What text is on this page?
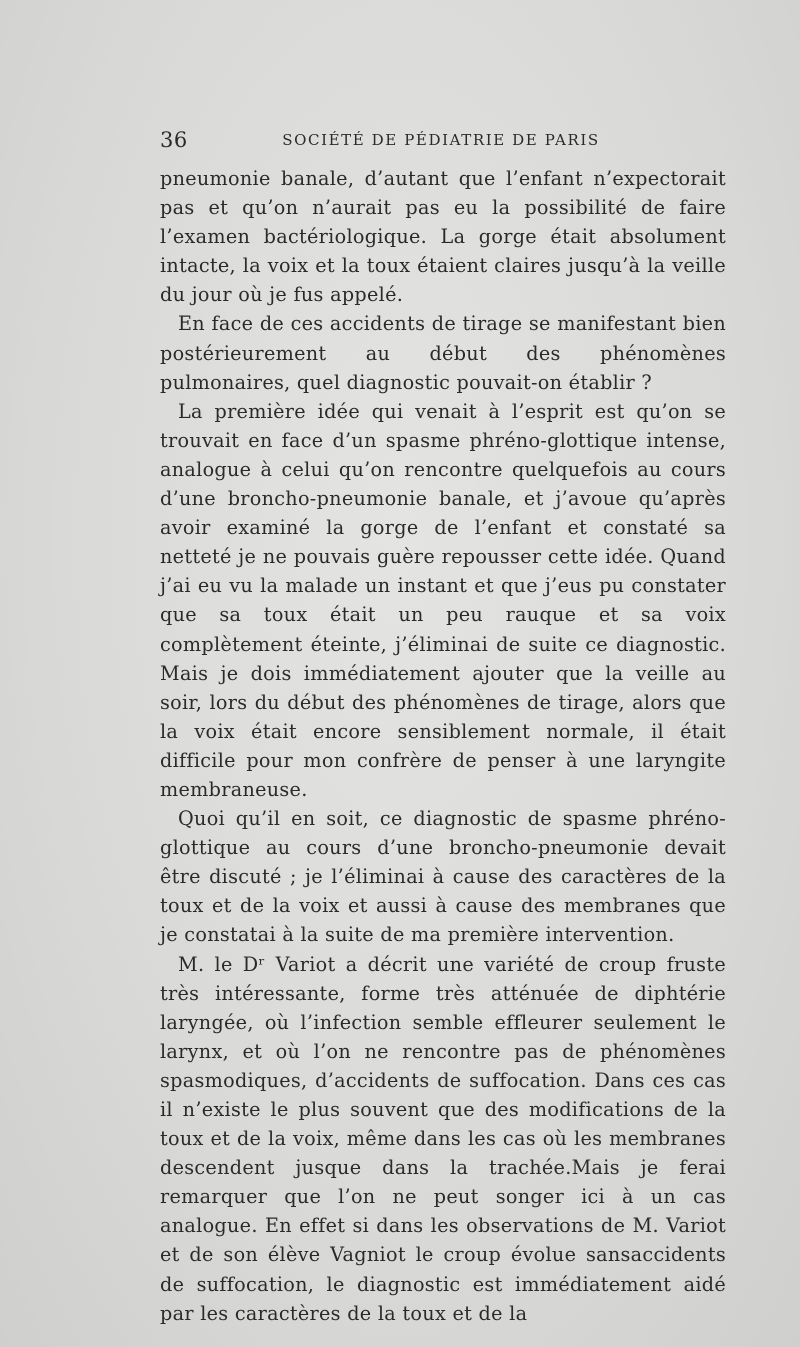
36	SOCIÉTÉ DE PÉDIATRIE DE PARIS

pneumonie banale, d’autant que l’enfant n’expectorait pas et qu’on n’aurait pas eu la possibilité de faire l’examen bactériologique. La gorge était absolument intacte, la voix et la toux étaient claires jusqu’à la veille du jour où je fus appelé.

En face de ces accidents de tirage se manifestant bien postérieurement au début des phénomènes pulmonaires, quel diagnostic pouvait-on établir ?

La première idée qui venait à l’esprit est qu’on se trouvait en face d’un spasme phréno-glottique intense, analogue à celui qu’on rencontre quelquefois au cours d’une broncho-pneumonie banale, et j’avoue qu’après avoir examiné la gorge de l’enfant et constaté sa netteté je ne pouvais guère repousser cette idée. Quand j’ai eu vu la malade un instant et que j’eus pu constater que sa toux était un peu rauque et sa voix complètement éteinte, j’éliminai de suite ce diagnostic. Mais je dois immédiatement ajouter que la veille au soir, lors du début des phénomènes de tirage, alors que la voix était encore sensiblement normale, il était difficile pour mon confrère de penser à une laryngite membraneuse.

Quoi qu’il en soit, ce diagnostic de spasme phréno-glottique au cours d’une broncho-pneumonie devait être discuté ; je l’éliminai à cause des caractères de la toux et de la voix et aussi à cause des membranes que je constatai à la suite de ma première intervention.

M. le Dʳ Variot a décrit une variété de croup fruste très intéressante, forme très atténuée de diphtérie laryngée, où l’infection semble effleurer seulement le larynx, et où l’on ne rencontre pas de phénomènes spasmodiques, d’accidents de suffocation. Dans ces cas il n’existe le plus souvent que des modifications de la toux et de la voix, même dans les cas où les membranes descendent jusque dans la trachée.Mais je ferai remarquer que l’on ne peut songer ici à un cas analogue. En effet si dans les observations de M. Variot et de son élève Vagniot le croup évolue sansaccidents de suffocation, le diagnostic est immédiatement aidé par les caractères de la toux et de la
